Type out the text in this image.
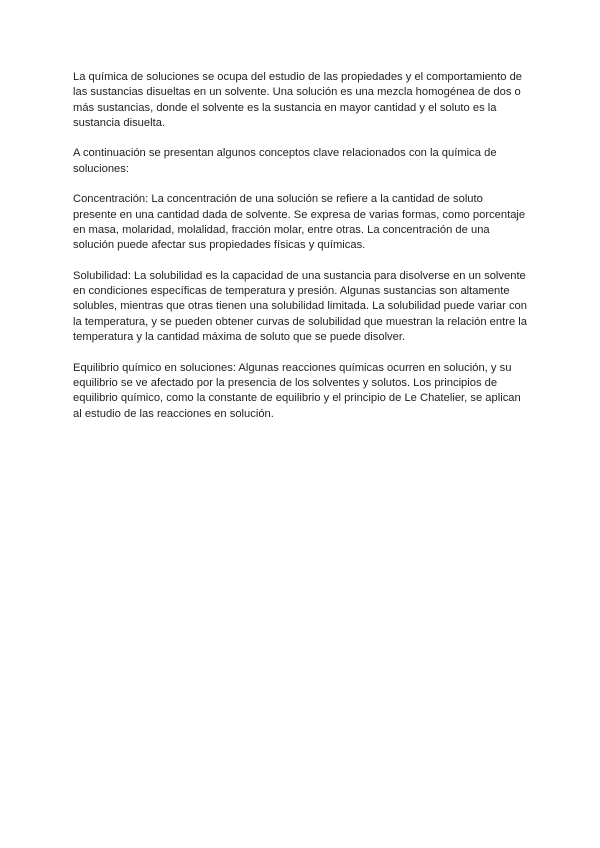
La química de soluciones se ocupa del estudio de las propiedades y el comportamiento de las sustancias disueltas en un solvente. Una solución es una mezcla homogénea de dos o más sustancias, donde el solvente es la sustancia en mayor cantidad y el soluto es la sustancia disuelta.

A continuación se presentan algunos conceptos clave relacionados con la química de soluciones:

Concentración: La concentración de una solución se refiere a la cantidad de soluto presente en una cantidad dada de solvente. Se expresa de varias formas, como porcentaje en masa, molaridad, molalidad, fracción molar, entre otras. La concentración de una solución puede afectar sus propiedades físicas y químicas.

Solubilidad: La solubilidad es la capacidad de una sustancia para disolverse en un solvente en condiciones específicas de temperatura y presión. Algunas sustancias son altamente solubles, mientras que otras tienen una solubilidad limitada. La solubilidad puede variar con la temperatura, y se pueden obtener curvas de solubilidad que muestran la relación entre la temperatura y la cantidad máxima de soluto que se puede disolver.

Equilibrio químico en soluciones: Algunas reacciones químicas ocurren en solución, y su equilibrio se ve afectado por la presencia de los solventes y solutos. Los principios de equilibrio químico, como la constante de equilibrio y el principio de Le Chatelier, se aplican al estudio de las reacciones en solución.
